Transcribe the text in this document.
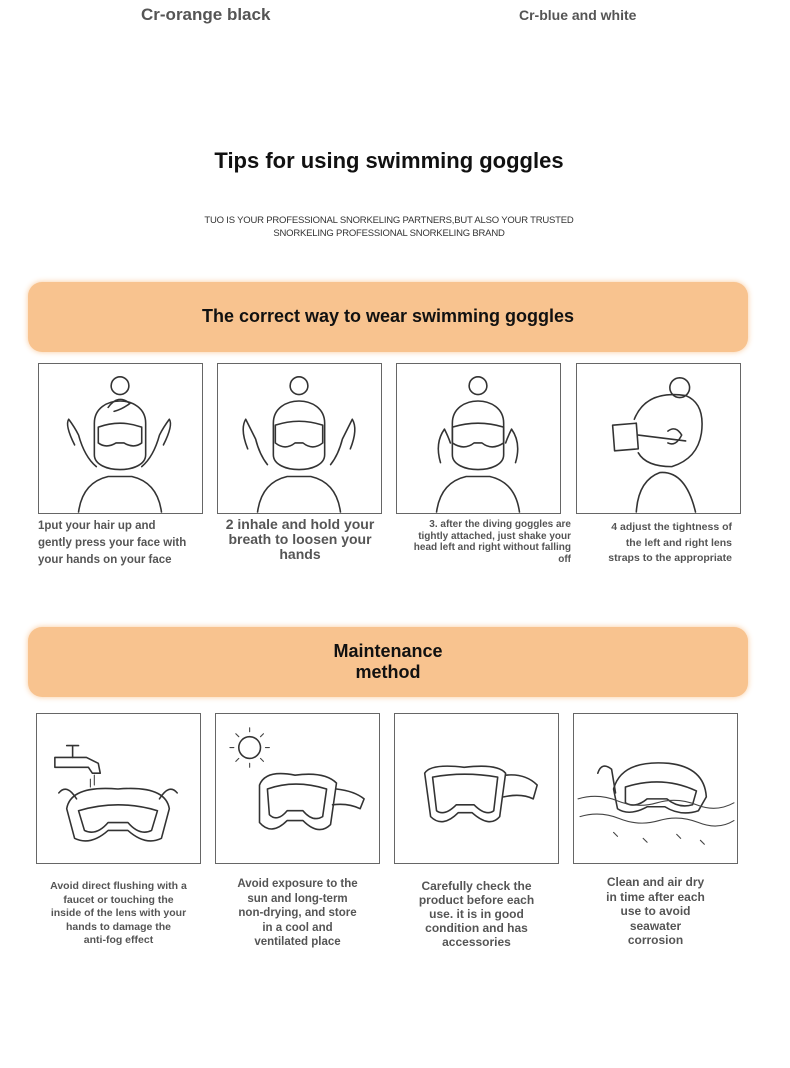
Cr-orange black	Cr-blue and white
Tips for using swimming goggles
TUO IS YOUR PROFESSIONAL SNORKELING PARTNERS,BUT ALSO YOUR TRUSTED
SNORKELING PROFESSIONAL SNORKELING BRAND
The correct way to wear swimming goggles
1put your hair up and
gently press your face with
your hands on your face
2 inhale and hold your
breath to loosen your
hands
3. after the diving goggles are
tightly attached, just shake your
head left and right without falling
off
4 adjust the tightness of
the left and right lens
straps to the appropriate
Maintenance
method
Avoid direct flushing with a
faucet or touching the
inside of the lens with your
hands to damage the
anti-fog effect
Avoid exposure to the
sun and long-term
non-drying, and store
in a cool and
ventilated place
Carefully check the
product before each
use. it is in good
condition and has
accessories
Clean and air dry
in time after each
use to avoid
seawater
corrosion
